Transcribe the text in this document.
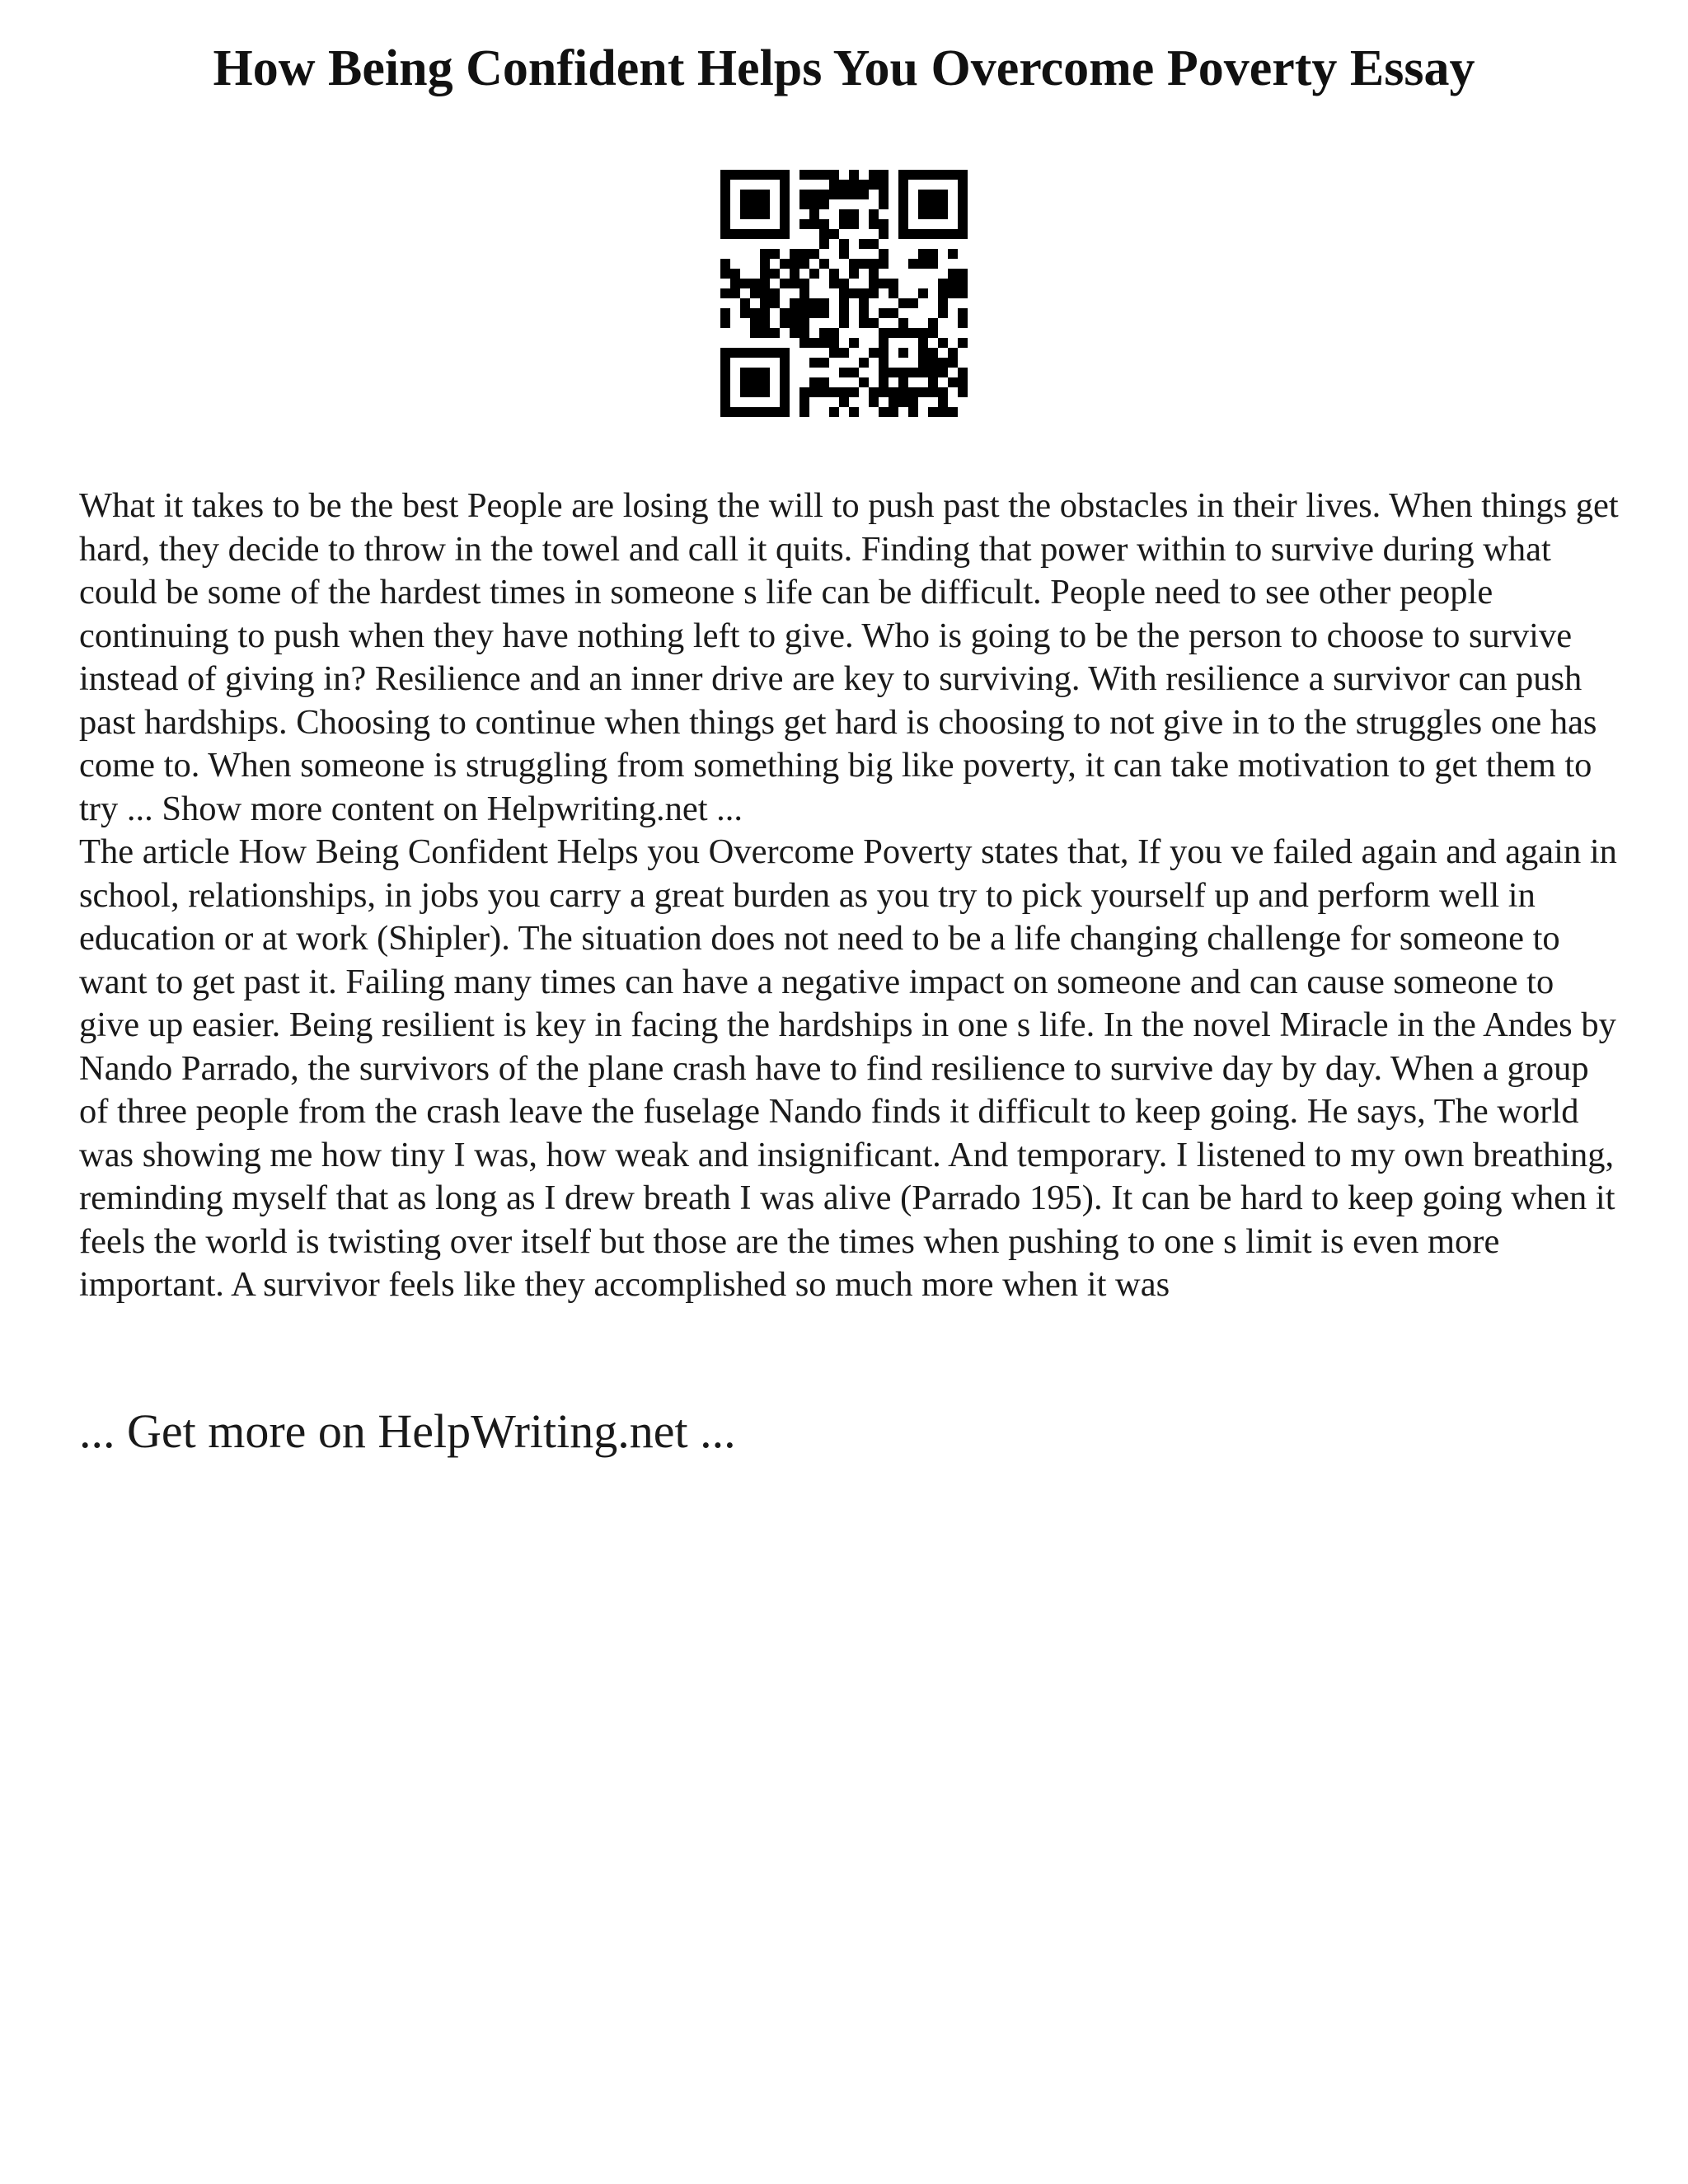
How Being Confident Helps You Overcome Poverty Essay

What it takes to be the best People are losing the will to push past the obstacles in their lives. When things get hard, they decide to throw in the towel and call it quits. Finding that power within to survive during what could be some of the hardest times in someone s life can be difficult. People need to see other people continuing to push when they have nothing left to give. Who is going to be the person to choose to survive instead of giving in? Resilience and an inner drive are key to surviving. With resilience a survivor can push past hardships. Choosing to continue when things get hard is choosing to not give in to the struggles one has come to. When someone is struggling from something big like poverty, it can take motivation to get them to try ... Show more content on Helpwriting.net ...

The article How Being Confident Helps you Overcome Poverty states that, If you ve failed again and again in school, relationships, in jobs you carry a great burden as you try to pick yourself up and perform well in education or at work (Shipler). The situation does not need to be a life changing challenge for someone to want to get past it. Failing many times can have a negative impact on someone and can cause someone to give up easier. Being resilient is key in facing the hardships in one s life. In the novel Miracle in the Andes by Nando Parrado, the survivors of the plane crash have to find resilience to survive day by day. When a group of three people from the crash leave the fuselage Nando finds it difficult to keep going. He says, The world was showing me how tiny I was, how weak and insignificant. And temporary. I listened to my own breathing, reminding myself that as long as I drew breath I was alive (Parrado 195). It can be hard to keep going when it feels the world is twisting over itself but those are the times when pushing to one s limit is even more important. A survivor feels like they accomplished so much more when it was

... Get more on HelpWriting.net ...
